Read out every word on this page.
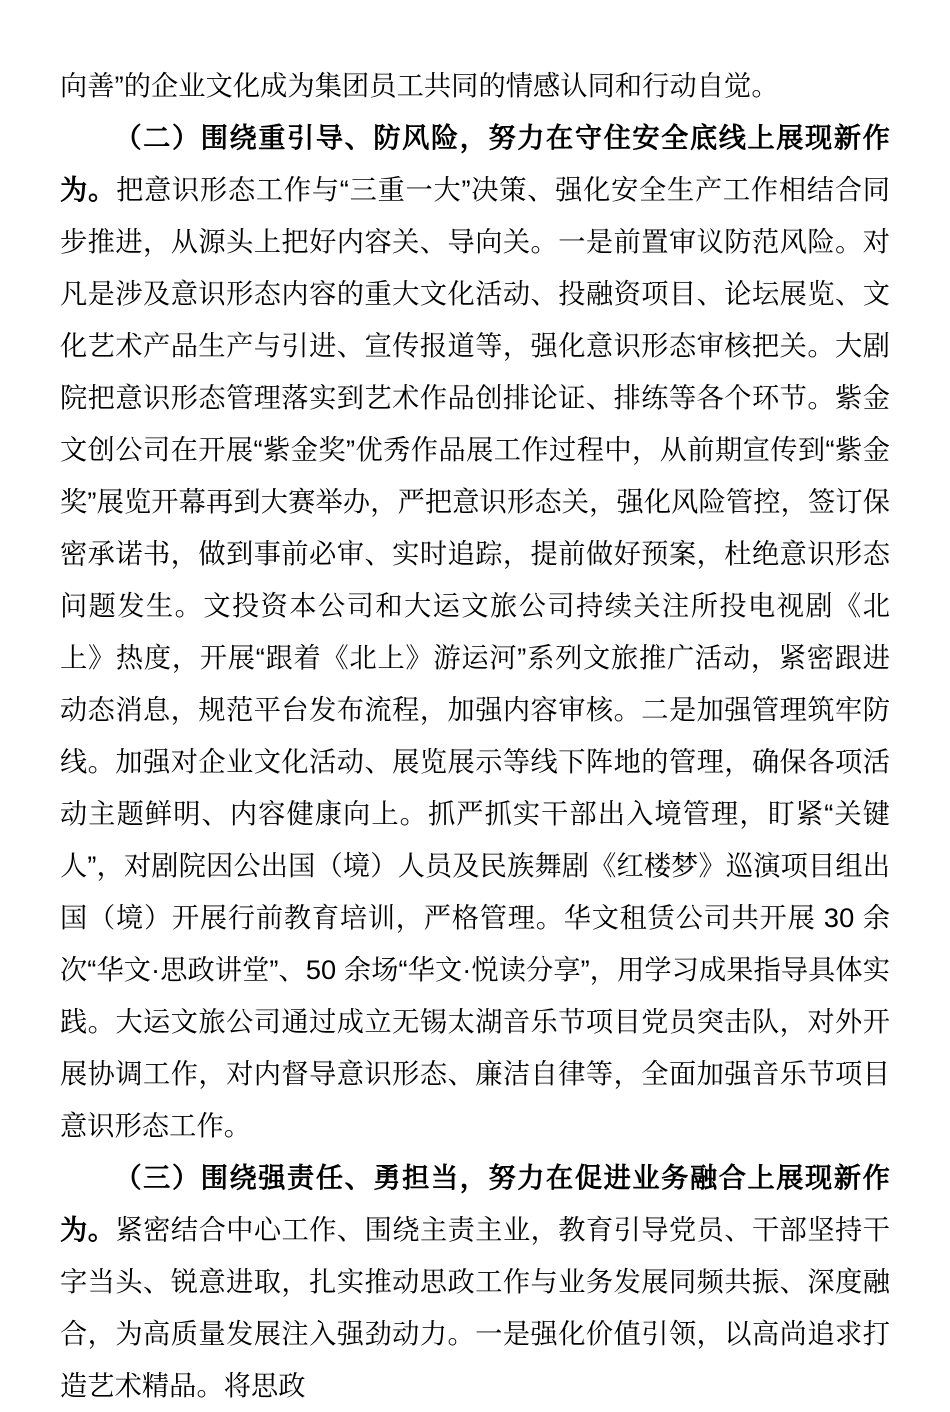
向善”的企业文化成为集团员工共同的情感认同和行动自觉。

（二）围绕重引导、防风险，努力在守住安全底线上展现新作为。把意识形态工作与“三重一大”决策、强化安全生产工作相结合同步推进，从源头上把好内容关、导向关。一是前置审议防范风险。对凡是涉及意识形态内容的重大文化活动、投融资项目、论坛展览、文化艺术产品生产与引进、宣传报道等，强化意识形态审核把关。大剧院把意识形态管理落实到艺术作品创排论证、排练等各个环节。紫金文创公司在开展“紫金奖”优秀作品展工作过程中，从前期宣传到“紫金奖”展览开幕再到大赛举办，严把意识形态关，强化风险管控，签订保密承诺书，做到事前必审、实时追踪，提前做好预案，杜绝意识形态问题发生。文投资本公司和大运文旅公司持续关注所投电视剧《北上》热度，开展“跟着《北上》游运河”系列文旅推广活动，紧密跟进动态消息，规范平台发布流程，加强内容审核。二是加强管理筑牢防线。加强对企业文化活动、展览展示等线下阵地的管理，确保各项活动主题鲜明、内容健康向上。抓严抓实干部出入境管理，盯紧“关键人”，对剧院因公出国（境）人员及民族舞剧《红楼梦》巡演项目组出国（境）开展行前教育培训，严格管理。华文租赁公司共开展 30 余次“华文·思政讲堂”、50 余场“华文·悦读分享”，用学习成果指导具体实践。大运文旅公司通过成立无锡太湖音乐节项目党员突击队，对外开展协调工作，对内督导意识形态、廉洁自律等，全面加强音乐节项目意识形态工作。

（三）围绕强责任、勇担当，努力在促进业务融合上展现新作为。紧密结合中心工作、围绕主责主业，教育引导党员、干部坚持干字当头、锐意进取，扎实推动思政工作与业务发展同频共振、深度融合，为高质量发展注入强劲动力。一是强化价值引领，以高尚追求打造艺术精品。将思政
